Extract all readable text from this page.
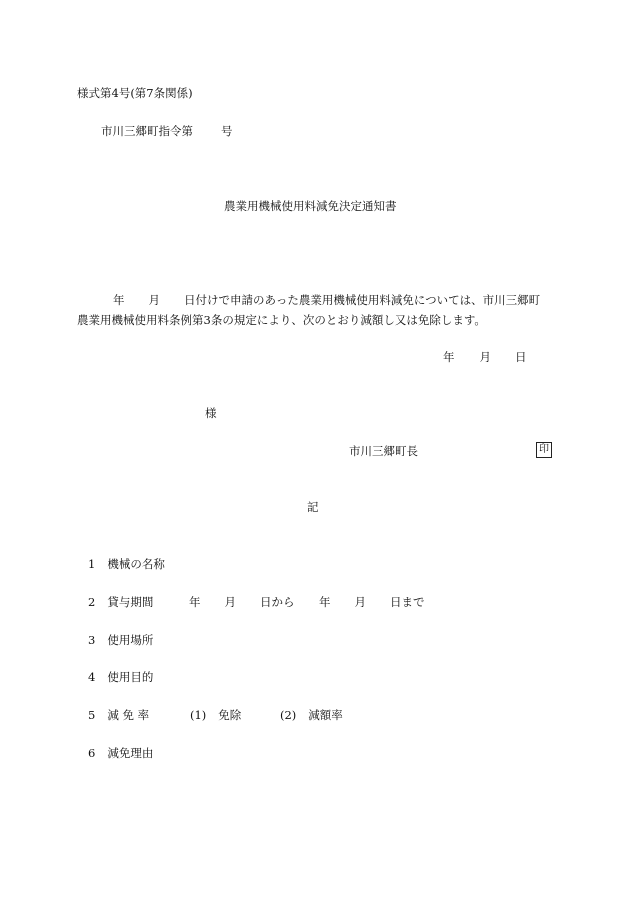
様式第4号(第7条関係)
市川三郷町指令第 号
農業用機械使用料減免決定通知書
年 月 日付けで申請のあった農業用機械使用料減免については、市川三郷町
農業用機械使用料条例第3条の規定により、次のとおり減額し又は免除します。
年 月 日
様
市川三郷町長	印
記
1 機械の名称
2 貸与期間	年 月 日から 年 月 日まで
3 使用場所
4 使用目的
5 減 免 率	(1) 免除	(2) 減額率
6 減免理由
